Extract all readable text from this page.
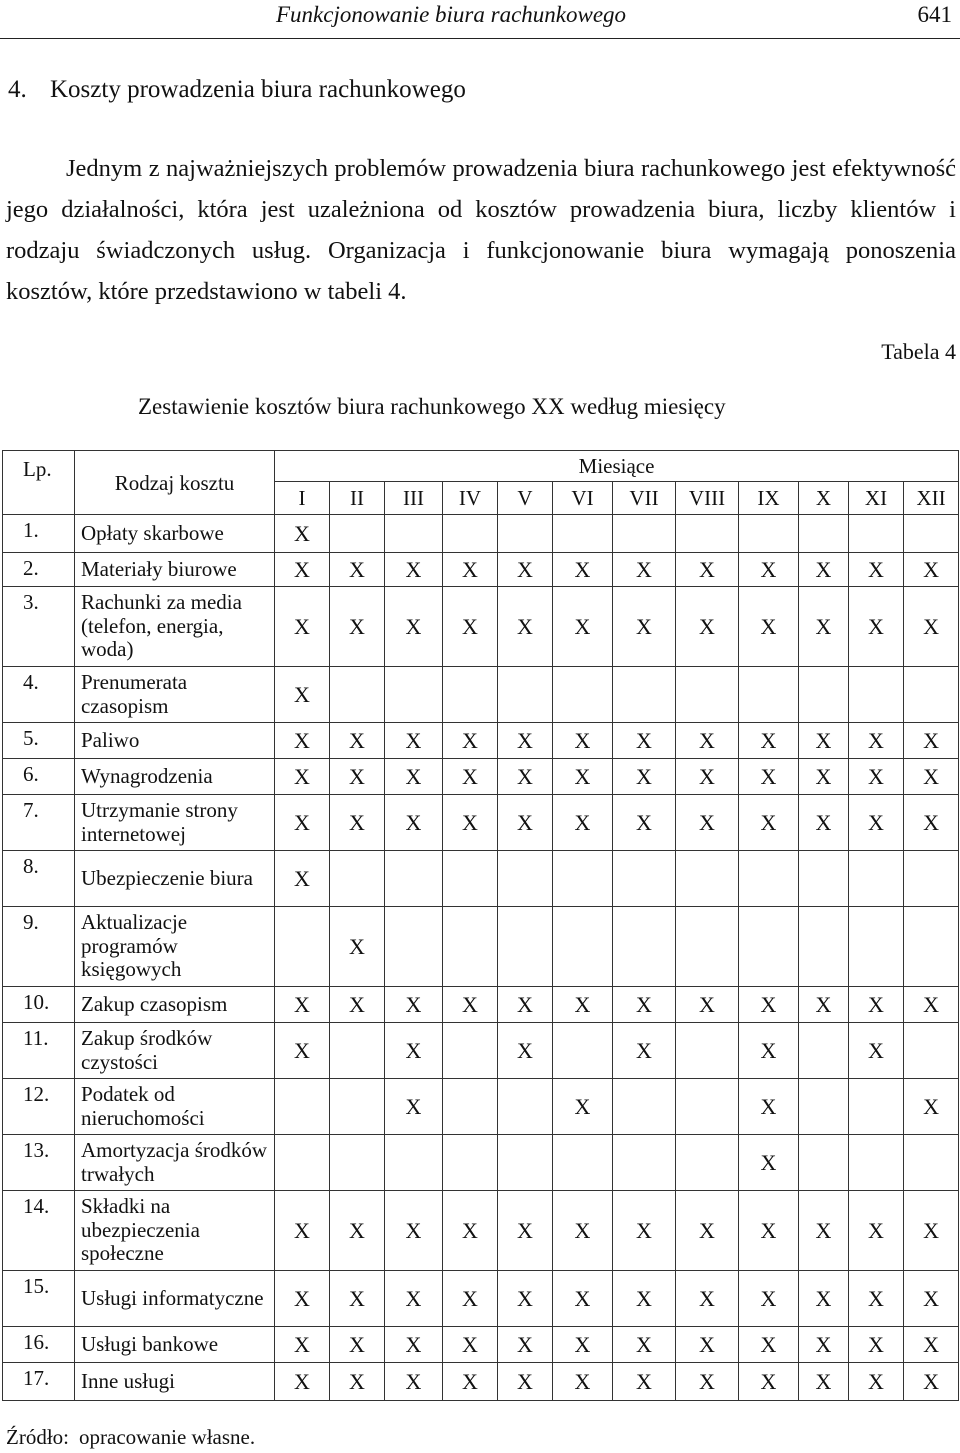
Funkcjonowanie biura rachunkowego	641
4. Koszty prowadzenia biura rachunkowego

Jednym z najważniejszych problemów prowadzenia biura rachunkowego jest efektywność jego działalności, która jest uzależniona od kosztów prowadzenia biura, liczby klientów i rodzaju świadczonych usług. Organizacja i funkcjonowanie biura wymagają ponoszenia kosztów, które przedstawiono w tabeli 4.

Tabela 4
Zestawienie kosztów biura rachunkowego XX według miesięcy
Lp.	Rodzaj kosztu	Miesiące											
		I	II	III	IV	V	VI	VII	VIII	IX	X	XI	XII
1.	Opłaty skarbowe	X											
2.	Materiały biurowe	X	X	X	X	X	X	X	X	X	X	X	X
3.	Rachunki za media (telefon, energia, woda)	X	X	X	X	X	X	X	X	X	X	X	X
4.	Prenumerata czasopism	X											
5.	Paliwo	X	X	X	X	X	X	X	X	X	X	X	X
6.	Wynagrodzenia	X	X	X	X	X	X	X	X	X	X	X	X
7.	Utrzymanie strony internetowej	X	X	X	X	X	X	X	X	X	X	X	X
8.	Ubezpieczenie biura	X											
9.	Aktualizacje programów księgowych		X										
10.	Zakup czasopism	X	X	X	X	X	X	X	X	X	X	X	X
11.	Zakup środków czystości	X		X		X		X		X		X	
12.	Podatek od nieruchomości			X			X			X			X
13.	Amortyzacja środków trwałych									X			
14.	Składki na ubezpieczenia społeczne	X	X	X	X	X	X	X	X	X	X	X	X
15.	Usługi informatyczne	X	X	X	X	X	X	X	X	X	X	X	X
16.	Usługi bankowe	X	X	X	X	X	X	X	X	X	X	X	X
17.	Inne usługi	X	X	X	X	X	X	X	X	X	X	X	X
Źródło: opracowanie własne.
